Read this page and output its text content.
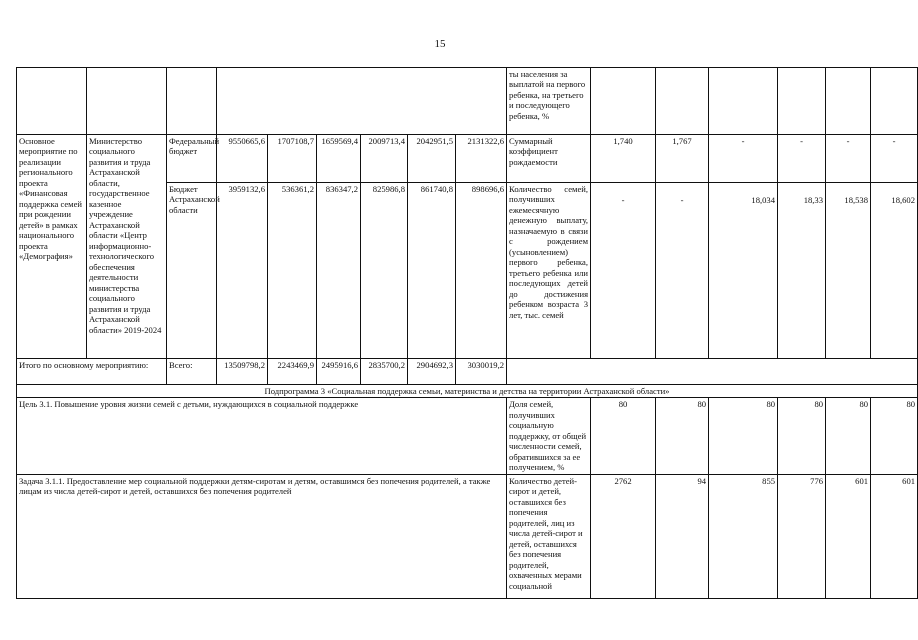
15
									ты населения за выплатой на первого ребенка, на третьего и последующего ребенка, %						
Основное мероприятие по реализации регионального проекта «Финансовая поддержка семей при рождении детей» в рамках национального проекта «Демография»	Министерство социального развития и труда Астраханской области, государственное казенное учреждение Астраханской области «Центр информационно-технологического обеспечения деятельности министерства социального развития и труда Астраханской области» 2019-2024	Федеральный бюджет	9550665,6	1707108,7	1659569,4	2009713,4	2042951,5	2131322,6	Суммарный коэффициент рождаемости	1,740	1,767	-	-	-	-
		Бюджет Астраханской области	3959132,6	536361,2	836347,2	825986,8	861740,8	898696,6	Количество семей, получивших ежемесячную денежную выплату, назначаемую в связи с рождением (усыновлением) первого ребенка, третьего ребенка или последующих детей до достижения ребенком возраста 3 лет, тыс. семей	-	-	18,034	18,33	18,538	18,602
Итого по основному мероприятию:		Всего:	13509798,2	2243469,9	2495916,6	2835700,2	2904692,3	3030019,2							
Подпрограмма 3 «Социальная поддержка семьи, материнства и детства на территории Астраханской области»															
Цель 3.1. Повышение уровня жизни семей с детьми, нуждающихся в социальной поддержке									Доля семей, получивших социальную поддержку, от общей численности семей, обратившихся за ее получением, %	80	80	80	80	80	80
Задача 3.1.1. Предоставление мер социальной поддержки детям-сиротам и детям, оставшимся без попечения родителей, а также лицам из числа детей-сирот и детей, оставшихся без попечения родителей									Количество детей-сирот и детей, оставшихся без попечения родителей, лиц из числа детей-сирот и детей, оставшихся без попечения родителей, охваченных мерами социальной	2762	94	855	776	601	601
